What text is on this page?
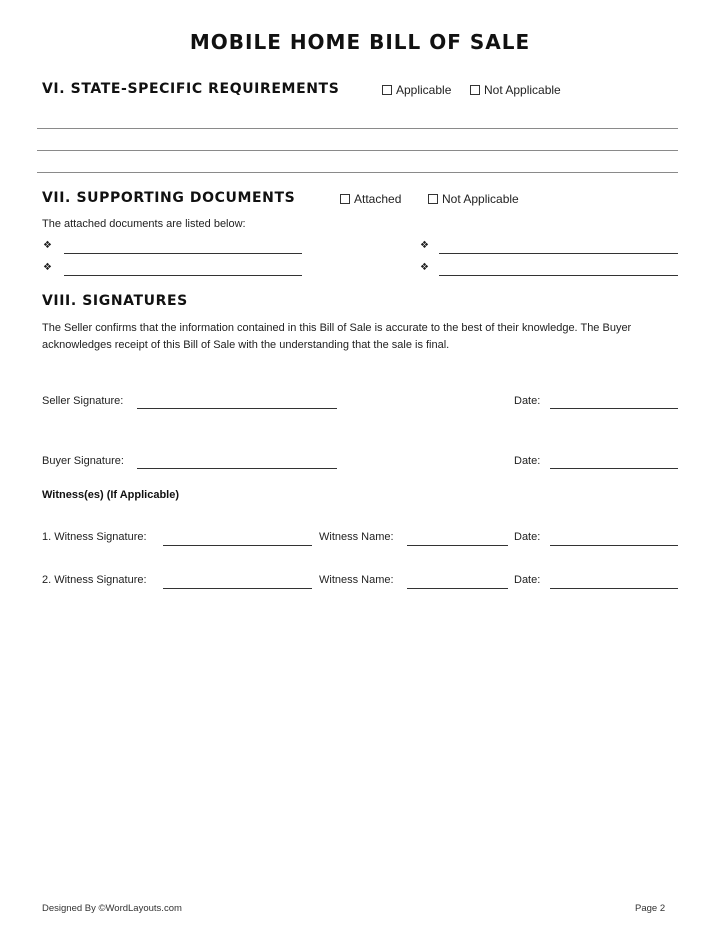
MOBILE HOME BILL OF SALE
VI. STATE-SPECIFIC REQUIREMENTS	Applicable	Not Applicable
VII. SUPPORTING DOCUMENTS	Attached	Not Applicable
The attached documents are listed below:
❖
❖
❖
❖
VIII. SIGNATURES
The Seller confirms that the information contained in this Bill of Sale is accurate to the best of their knowledge. The Buyer acknowledges receipt of this Bill of Sale with the understanding that the sale is final.
Seller Signature:	Date:
Buyer Signature:	Date:
Witness(es) (If Applicable)
1. Witness Signature:	Witness Name:	Date:
2. Witness Signature:	Witness Name:	Date:
Designed By ©WordLayouts.com	Page 2
